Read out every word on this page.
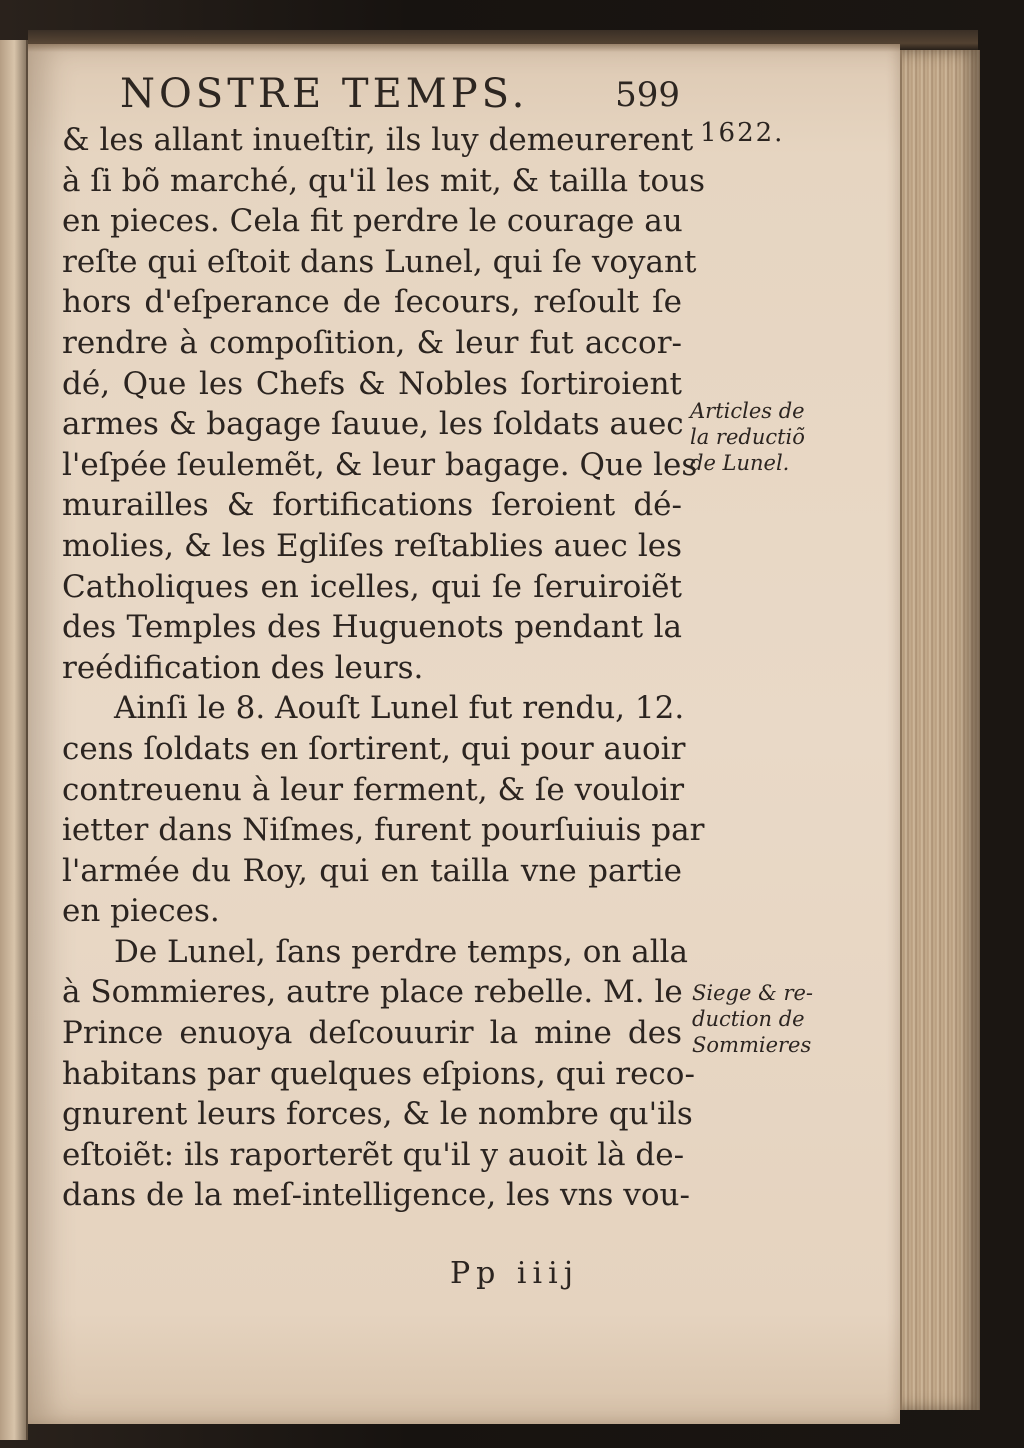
NOSTRE TEMPS.	599
1622.
Articles de
la reductiõ
de Lunel.
Siege & re-
duction de
Sommieres
& les allant inueſtir, ils luy demeurerent
à ſi bõ marché, qu'il les mit, & tailla tous
en pieces. Cela fit perdre le courage au
reſte qui eſtoit dans Lunel, qui ſe voyant
hors d'eſperance de ſecours, reſoult ſe
rendre à compoſition, & leur fut accor-
dé, Que les Chefs & Nobles ſortiroient
armes & bagage ſauue, les ſoldats auec
l'eſpée ſeulemẽt, & leur bagage. Que les
murailles & fortifications ſeroient dé-
molies, & les Egliſes reſtablies auec les
Catholiques en icelles, qui ſe ſeruiroiẽt
des Temples des Huguenots pendant la
reédification des leurs.
Ainſi le 8. Aouſt Lunel fut rendu, 12.
cens ſoldats en ſortirent, qui pour auoir
contreuenu à leur ferment, & ſe vouloir
ietter dans Niſmes, furent pourſuiuis par
l'armée du Roy, qui en tailla vne partie
en pieces.
De Lunel, ſans perdre temps, on alla
à Sommieres, autre place rebelle. M. le
Prince enuoya deſcouurir la mine des
habitans par quelques eſpions, qui reco-
gnurent leurs forces, & le nombre qu'ils
eſtoiẽt: ils raporterẽt qu'il y auoit là de-
dans de la meſ-intelligence, les vns vou-
Pp iiij
